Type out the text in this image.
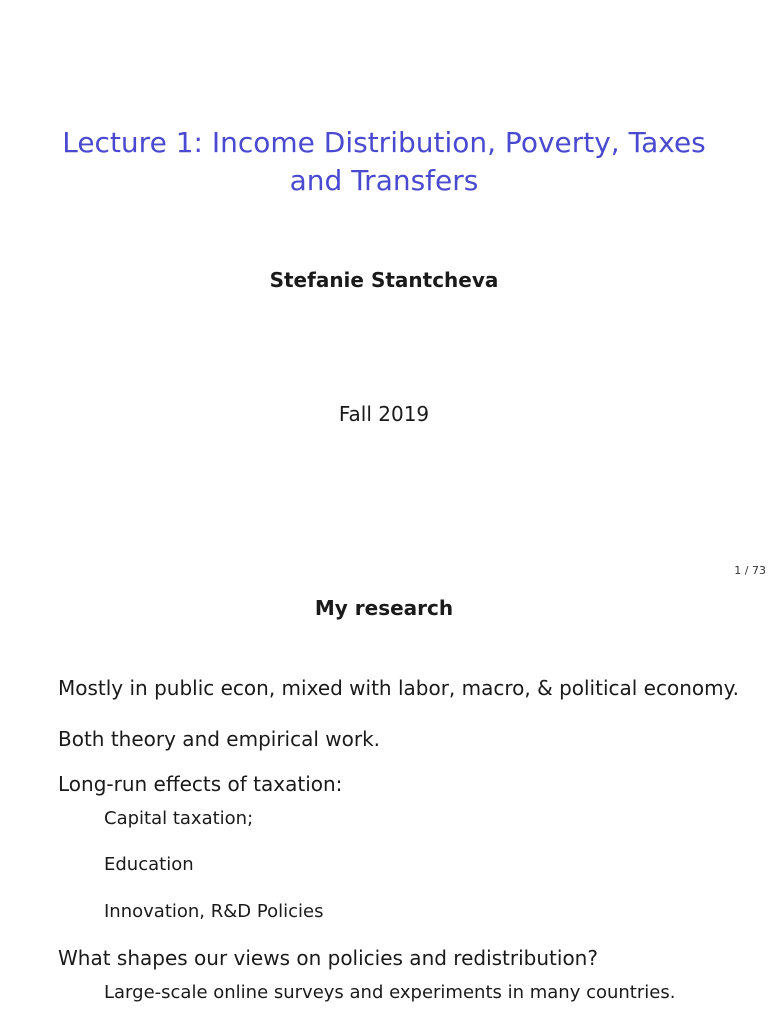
Lecture 1: Income Distribution, Poverty, Taxes and Transfers
Stefanie Stantcheva
Fall 2019
1 / 73
My research
Mostly in public econ, mixed with labor, macro, & political economy.
Both theory and empirical work.
Long-run effects of taxation:
Capital taxation;
Education
Innovation, R&D Policies
What shapes our views on policies and redistribution?
Large-scale online surveys and experiments in many countries.
